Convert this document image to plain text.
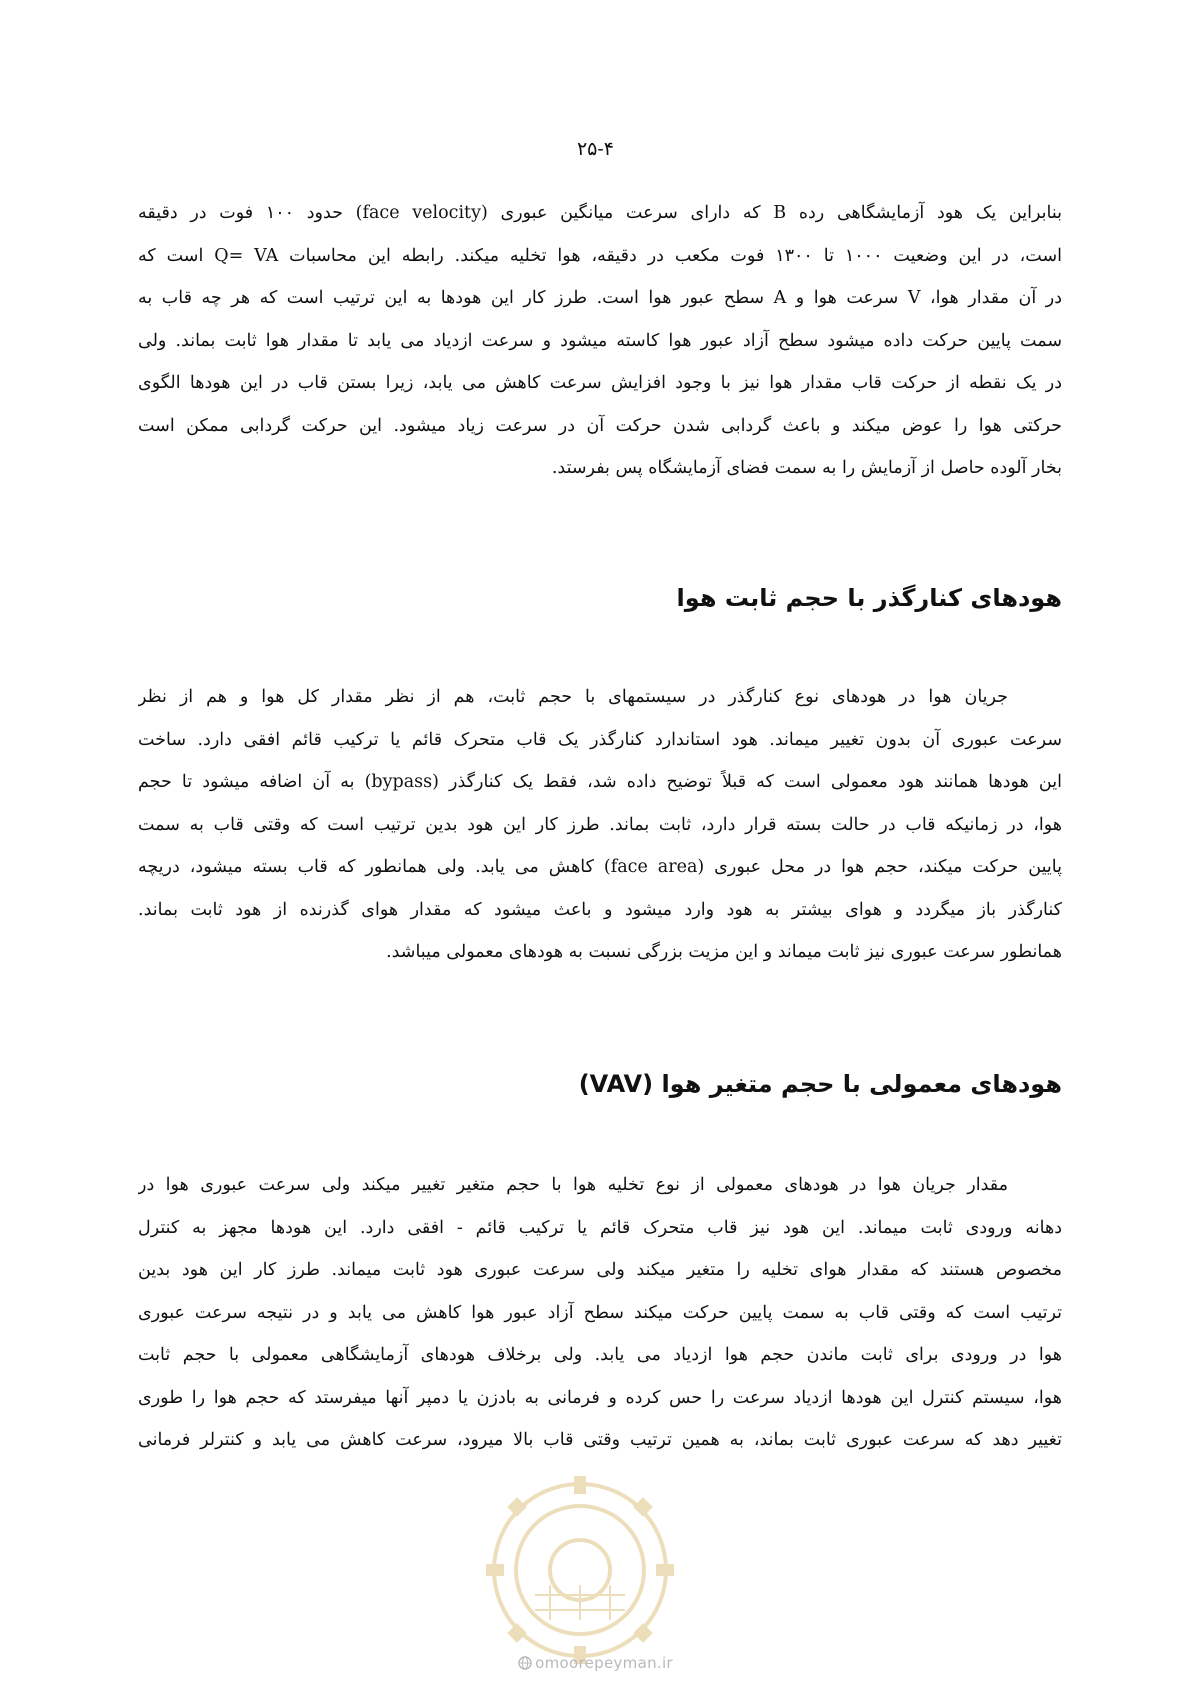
۲۵-۴
بنابراین یک هود آزمایشگاهی رده B که دارای سرعت میانگین عبوری (face velocity) حدود ۱۰۰ فوت در دقیقه
است، در این وضعیت ۱۰۰۰ تا ۱۳۰۰ فوت مکعب در دقیقه، هوا تخلیه میکند. رابطه این محاسبات Q= VA است که
در آن مقدار هوا، V سرعت هوا و A سطح عبور هوا است. طرز کار این هودها به این ترتیب است که هر چه قاب به
سمت پایین حرکت داده میشود سطح آزاد عبور هوا کاسته میشود و سرعت ازدیاد می یابد تا مقدار هوا ثابت بماند. ولی
در یک نقطه از حرکت قاب مقدار هوا نیز با وجود افزایش سرعت کاهش می یابد، زیرا بستن قاب در این هودها الگوی
حرکتی هوا را عوض میکند و باعث گردابی شدن حرکت آن در سرعت زیاد میشود. این حرکت گردابی ممکن است
بخار آلوده حاصل از آزمایش را به سمت فضای آزمایشگاه پس بفرستد.
هودهای کنارگذر با حجم ثابت هوا
جریان هوا در هودهای نوع کنارگذر در سیستمهای با حجم ثابت، هم از نظر مقدار کل هوا و هم از نظر
سرعت عبوری آن بدون تغییر میماند. هود استاندارد کنارگذر یک قاب متحرک قائم یا ترکیب قائم افقی دارد. ساخت
این هودها همانند هود معمولی است که قبلاً توضیح داده شد، فقط یک کنارگذر (bypass) به آن اضافه میشود تا حجم
هوا، در زمانیکه قاب در حالت بسته قرار دارد، ثابت بماند. طرز کار این هود بدین ترتیب است که وقتی قاب به سمت
پایین حرکت میکند، حجم هوا در محل عبوری (face area) کاهش می یابد. ولی همانطور که قاب بسته میشود، دریچه
کنارگذر باز میگردد و هوای بیشتر به هود وارد میشود و باعث میشود که مقدار هوای گذرنده از هود ثابت بماند.
همانطور سرعت عبوری نیز ثابت میماند و این مزیت بزرگی نسبت به هودهای معمولی میباشد.
هودهای معمولی با حجم متغیر هوا (VAV)
مقدار جریان هوا در هودهای معمولی از نوع تخلیه هوا با حجم متغیر تغییر میکند ولی سرعت عبوری هوا در
دهانه ورودی ثابت میماند. این هود نیز قاب متحرک قائم یا ترکیب قائم - افقی دارد. این هودها مجهز به کنترل
مخصوص هستند که مقدار هوای تخلیه را متغیر میکند ولی سرعت عبوری هود ثابت میماند. طرز کار این هود بدین
ترتیب است که وقتی قاب به سمت پایین حرکت میکند سطح آزاد عبور هوا کاهش می یابد و در نتیجه سرعت عبوری
هوا در ورودی برای ثابت ماندن حجم هوا ازدیاد می یابد. ولی برخلاف هودهای آزمایشگاهی معمولی با حجم ثابت
هوا، سیستم کنترل این هودها ازدیاد سرعت را حس کرده و فرمانی به بادزن یا دمپر آنها میفرستد که حجم هوا را طوری
تغییر دهد که سرعت عبوری ثابت بماند، به همین ترتیب وقتی قاب بالا میرود، سرعت کاهش می یابد و کنترلر فرمانی
omoorepeyman.ir
